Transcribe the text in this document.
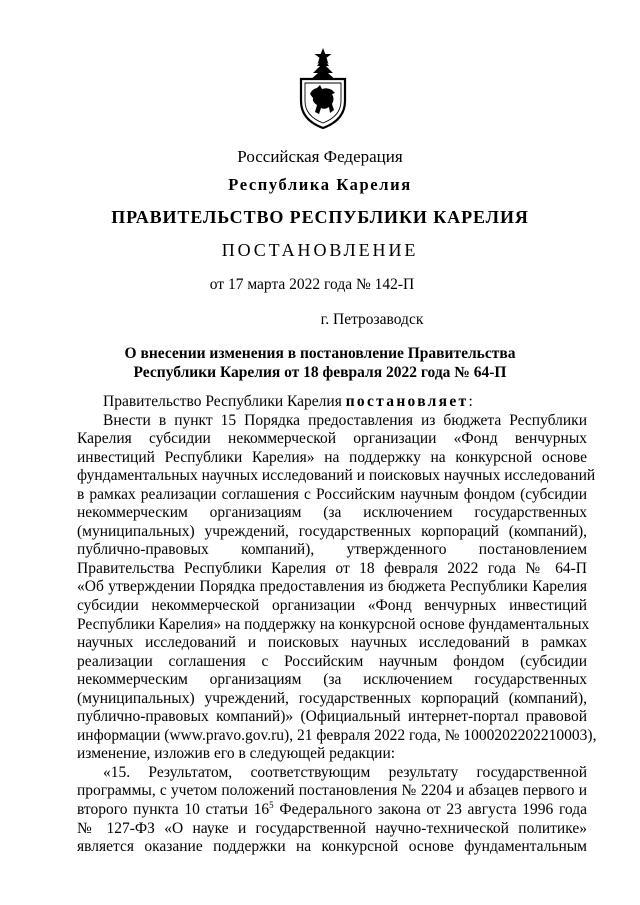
Российская Федерация
Республика Карелия
ПРАВИТЕЛЬСТВО РЕСПУБЛИКИ КАРЕЛИЯ
ПОСТАНОВЛЕНИЕ
от 17 марта 2022 года № 142-П
г. Петрозаводск
О внесении изменения в постановление Правительства
Республики Карелия от 18 февраля 2022 года № 64-П
Правительство Республики Карелия постановляет:
Внести в пункт 15 Порядка предоставления из бюджета Республики
Карелия субсидии некоммерческой организации «Фонд венчурных
инвестиций Республики Карелия» на поддержку на конкурсной основе
фундаментальных научных исследований и поисковых научных исследований
в рамках реализации соглашения с Российским научным фондом (субсидии
некоммерческим организациям (за исключением государственных
(муниципальных) учреждений, государственных корпораций (компаний),
публично-правовых компаний), утвержденного постановлением
Правительства Республики Карелия от 18 февраля 2022 года № 64-П
«Об утверждении Порядка предоставления из бюджета Республики Карелия
субсидии некоммерческой организации «Фонд венчурных инвестиций
Республики Карелия» на поддержку на конкурсной основе фундаментальных
научных исследований и поисковых научных исследований в рамках
реализации соглашения с Российским научным фондом (субсидии
некоммерческим организациям (за исключением государственных
(муниципальных) учреждений, государственных корпораций (компаний),
публично-правовых компаний)» (Официальный интернет-портал правовой
информации (www.pravo.gov.ru), 21 февраля 2022 года, № 1000202202210003),
изменение, изложив его в следующей редакции:
«15. Результатом, соответствующим результату государственной
программы, с учетом положений постановления № 2204 и абзацев первого и
второго пункта 10 статьи $16^5$ Федерального закона от 23 августа 1996 года
№ 127-ФЗ «О науке и государственной научно-технической политике»
является оказание поддержки на конкурсной основе фундаментальным
